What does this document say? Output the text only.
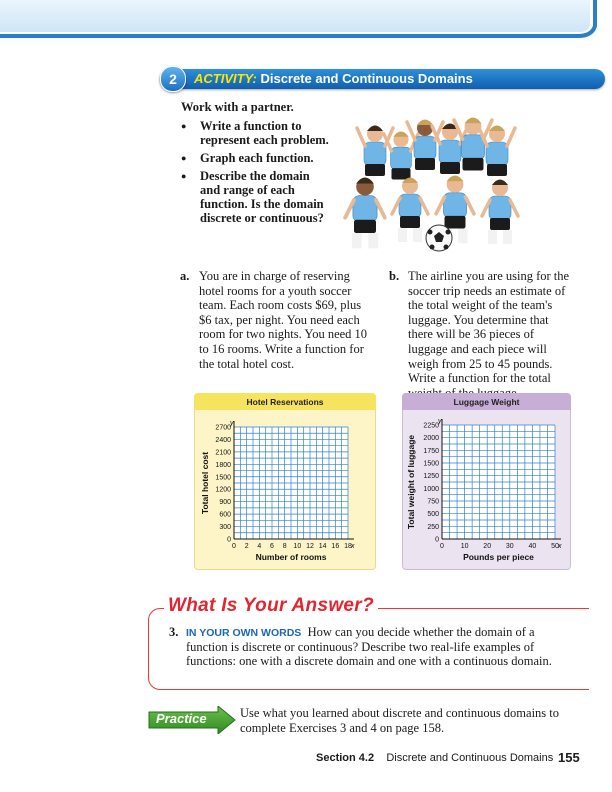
2	ACTIVITY: Discrete and Continuous Domains
Work with a partner.
● Write a function to represent each problem.
● Graph each function.
● Describe the domain and range of each function. Is the domain discrete or continuous?
a. You are in charge of reserving hotel rooms for a youth soccer team. Each room costs $69, plus $6 tax, per night. You need each room for two nights. You need 10 to 16 rooms. Write a function for the total hotel cost.
b. The airline you are using for the soccer trip needs an estimate of the total weight of the team's luggage. You determine that there will be 36 pieces of luggage and each piece will weigh from 25 to 45 pounds. Write a function for the total
Hotel Reservations
0
300
600
900
1200
1500
1800
2100
2400
2700
0 2 4 6 8 10 12 14 16 18
y
x
Number of rooms
Total hotel cost
Luggage Weight
0
250
500
750
1000
1250
1500
1750
2000
2250
0 10 20 30 40 50
y
x
Pounds per piece
Total weight of luggage
What Is Your Answer?
3. IN YOUR OWN WORDS How can you decide whether the domain of a function is discrete or continuous? Describe two real-life examples of functions: one with a discrete domain and one with a continuous domain.
Practice	Use what you learned about discrete and continuous domains to complete Exercises 3 and 4 on page 158.
Section 4.2 Discrete and Continuous Domains 155
